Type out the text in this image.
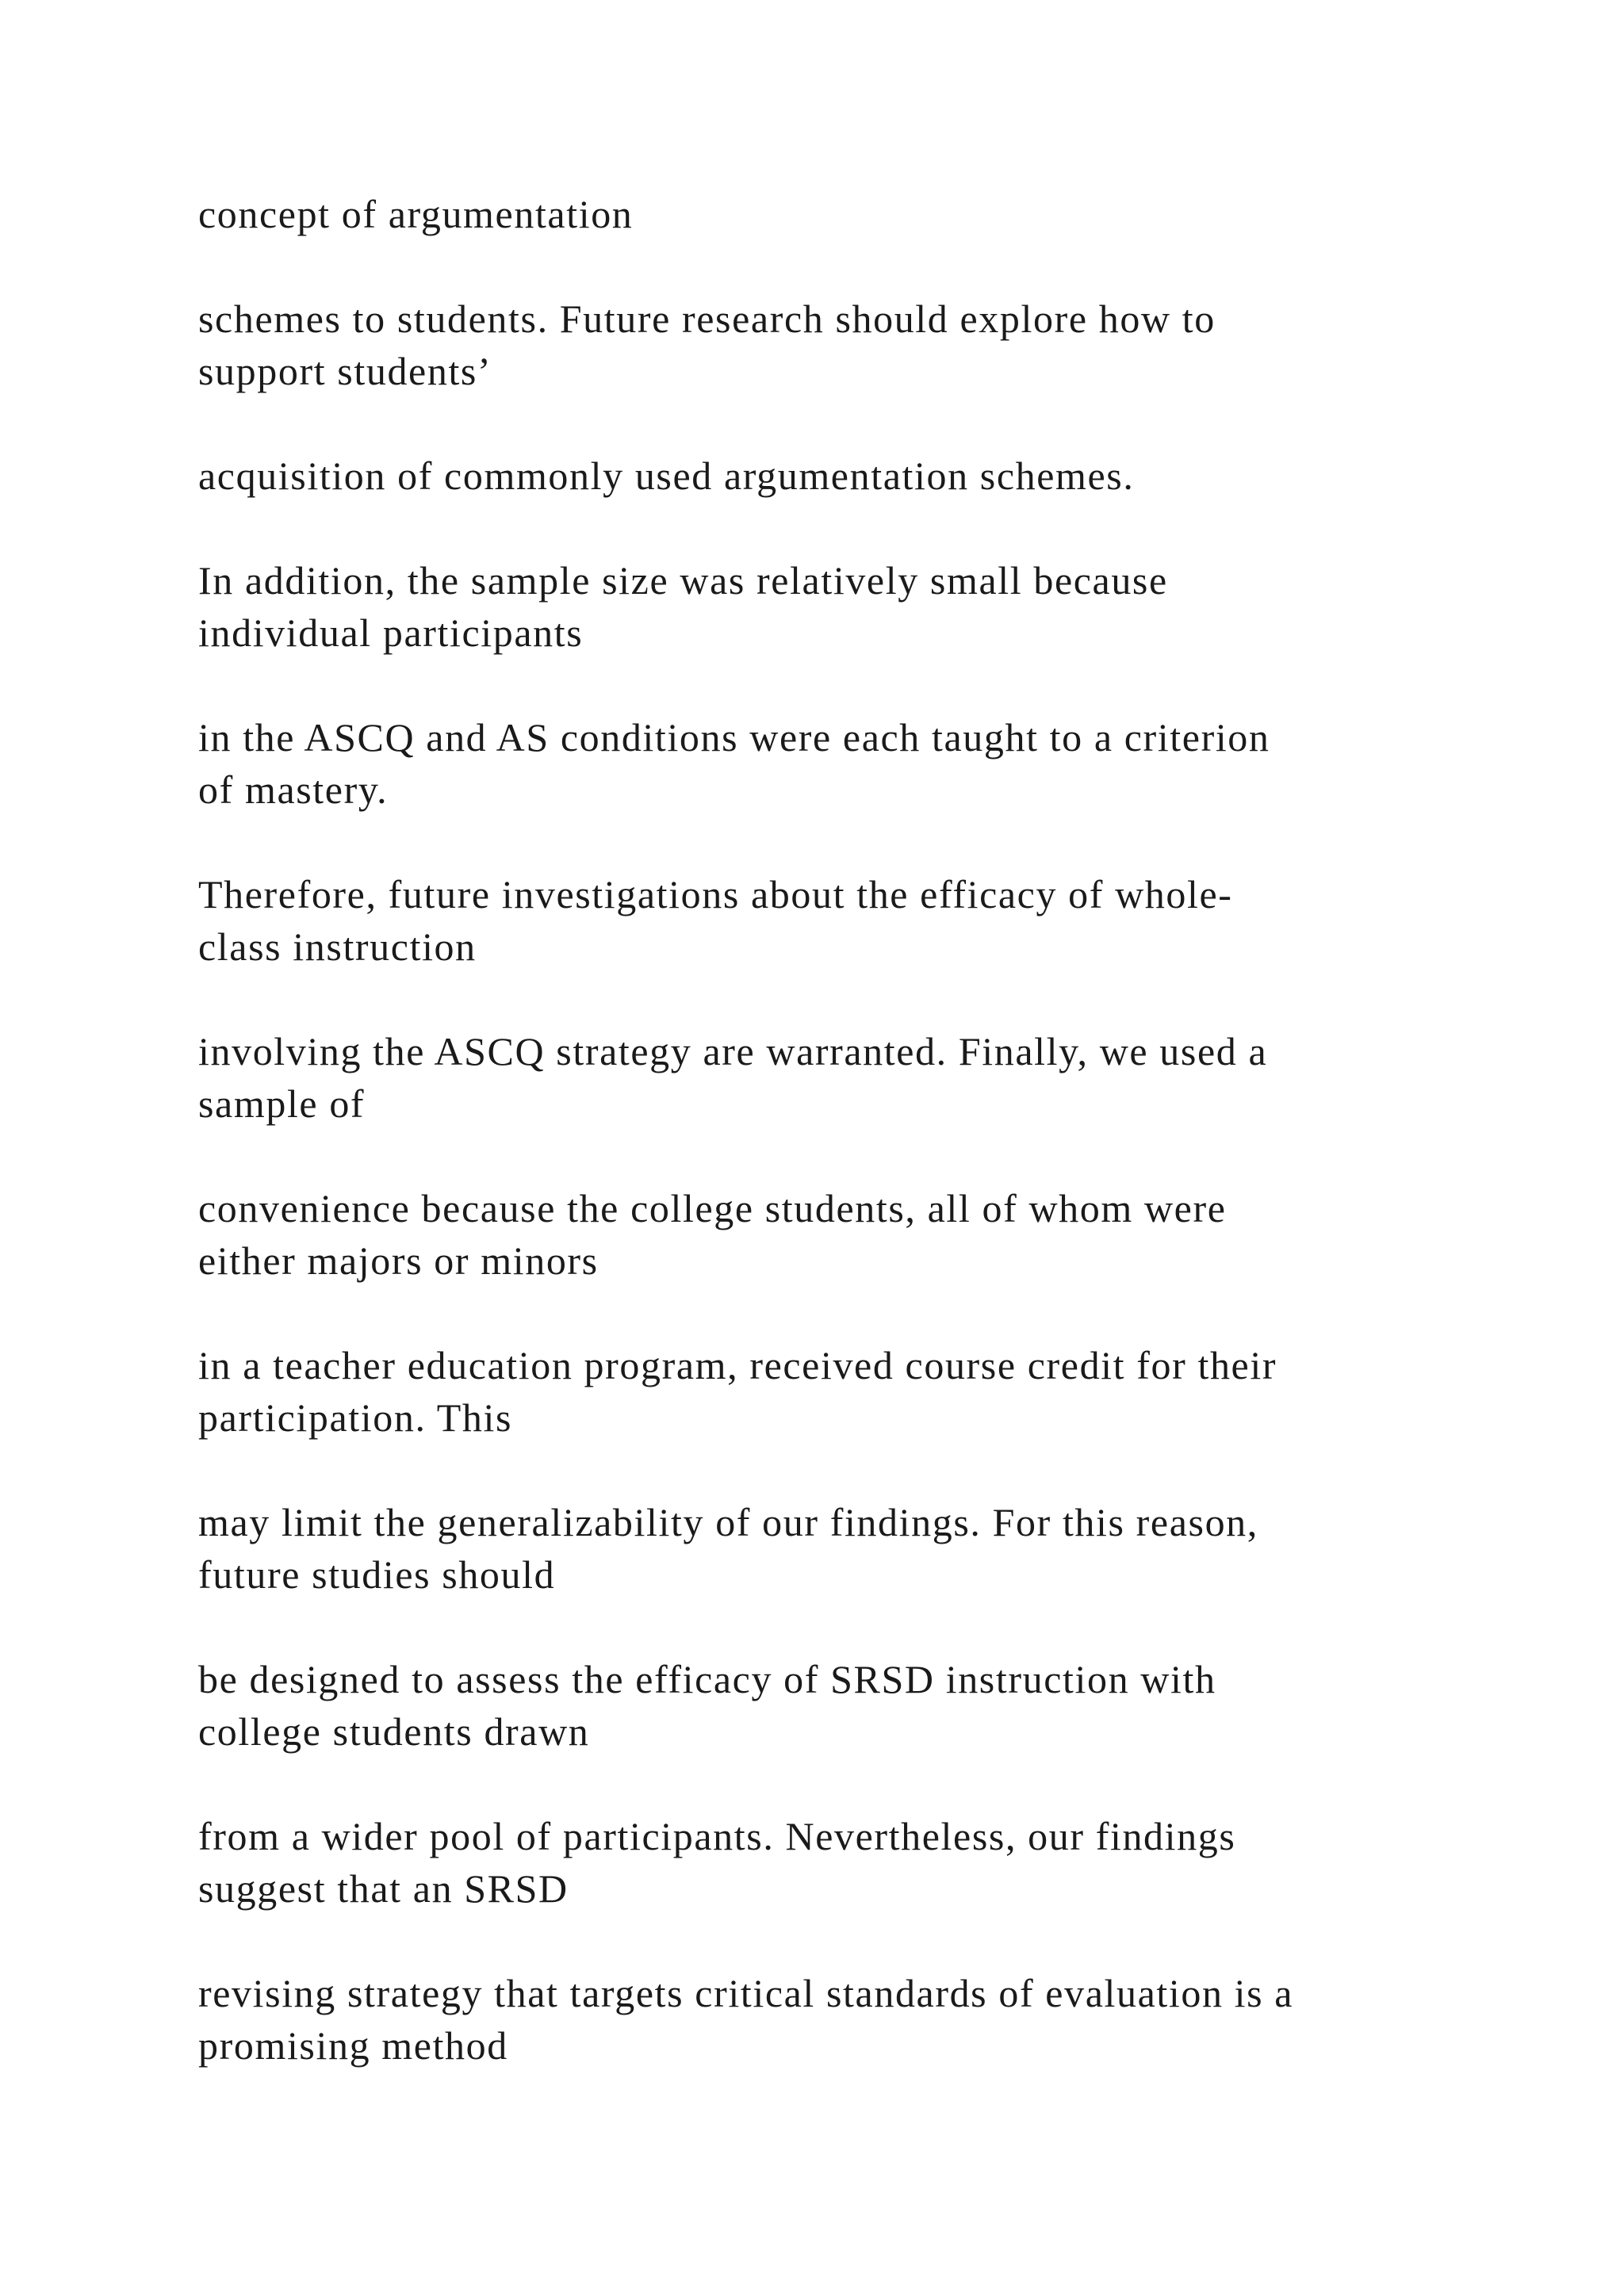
concept of argumentation

schemes to students. Future research should explore how to
support students’

acquisition of commonly used argumentation schemes.

In addition, the sample size was relatively small because
individual participants

in the ASCQ and AS conditions were each taught to a criterion
of mastery.

Therefore, future investigations about the efficacy of whole-
class instruction

involving the ASCQ strategy are warranted. Finally, we used a
sample of

convenience because the college students, all of whom were
either majors or minors

in a teacher education program, received course credit for their
participation. This

may limit the generalizability of our findings. For this reason,
future studies should

be designed to assess the efficacy of SRSD instruction with
college students drawn

from a wider pool of participants. Nevertheless, our findings
suggest that an SRSD

revising strategy that targets critical standards of evaluation is a
promising method
